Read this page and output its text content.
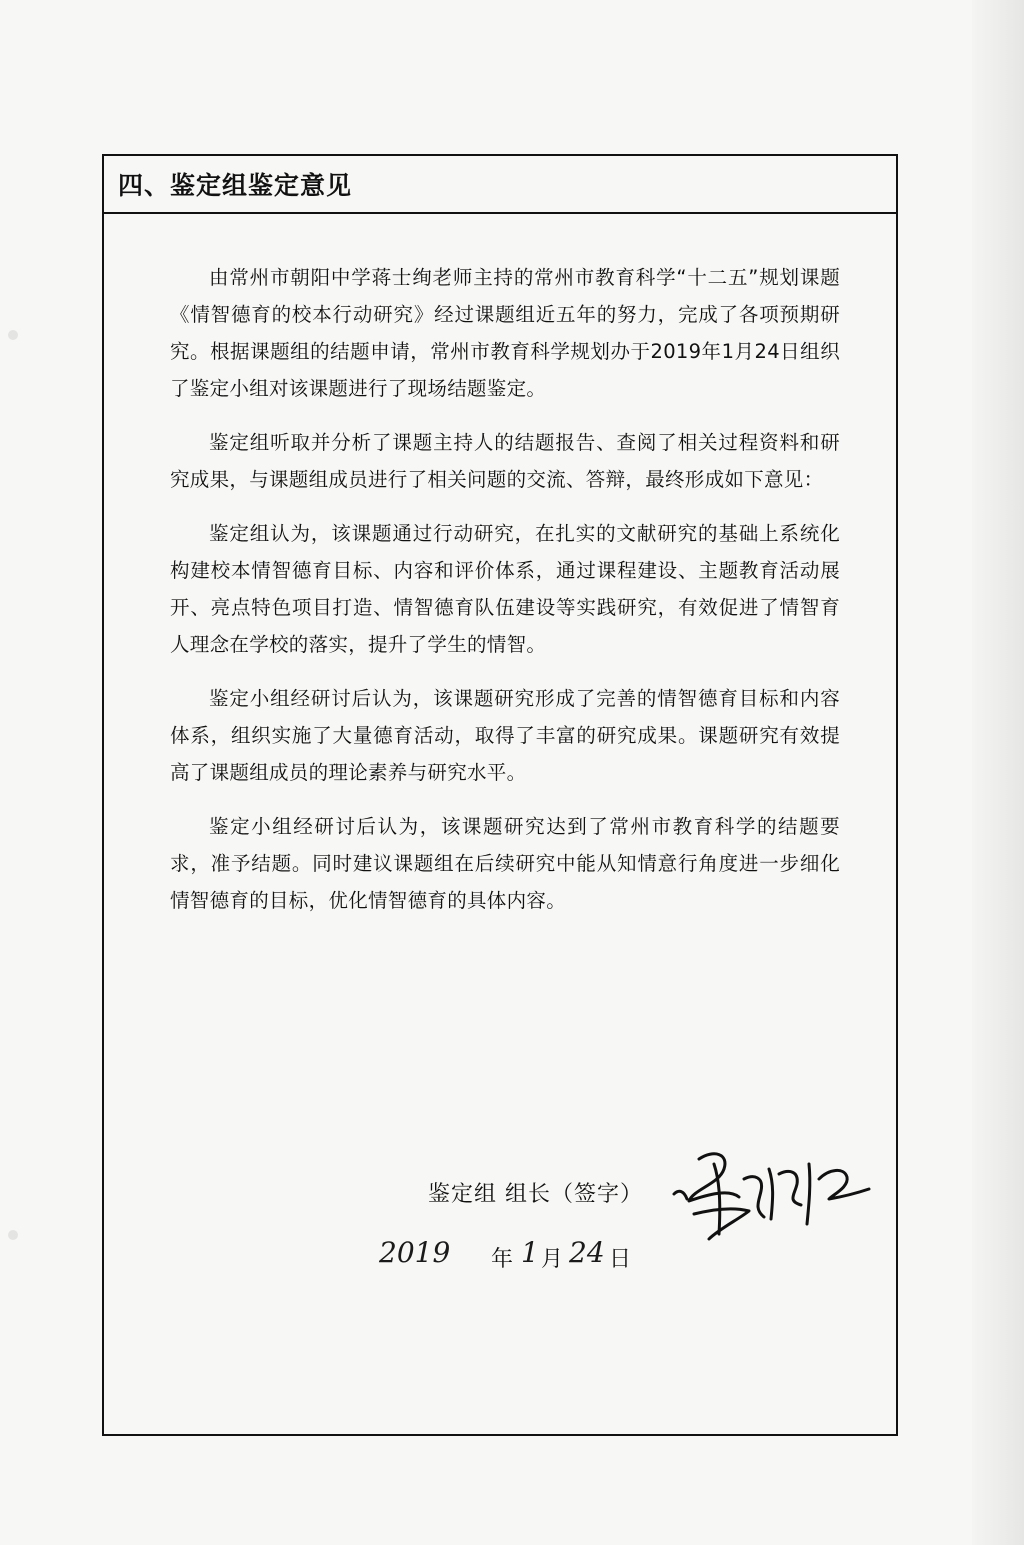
四、鉴定组鉴定意见

由常州市朝阳中学蒋士绚老师主持的常州市教育科学“十二五”规划课题《情智德育的校本行动研究》经过课题组近五年的努力，完成了各项预期研究。根据课题组的结题申请，常州市教育科学规划办于2019年1月24日组织了鉴定小组对该课题进行了现场结题鉴定。

鉴定组听取并分析了课题主持人的结题报告、查阅了相关过程资料和研究成果，与课题组成员进行了相关问题的交流、答辩，最终形成如下意见：

鉴定组认为，该课题通过行动研究，在扎实的文献研究的基础上系统化构建校本情智德育目标、内容和评价体系，通过课程建设、主题教育活动展开、亮点特色项目打造、情智德育队伍建设等实践研究，有效促进了情智育人理念在学校的落实，提升了学生的情智。

鉴定小组经研讨后认为，该课题研究形成了完善的情智德育目标和内容体系，组织实施了大量德育活动，取得了丰富的研究成果。课题研究有效提高了课题组成员的理论素养与研究水平。

鉴定小组经研讨后认为，该课题研究达到了常州市教育科学的结题要求，准予结题。同时建议课题组在后续研究中能从知情意行角度进一步细化情智德育的目标，优化情智德育的具体内容。

鉴定组 组长（签字）
2019 年 1 月 24 日
